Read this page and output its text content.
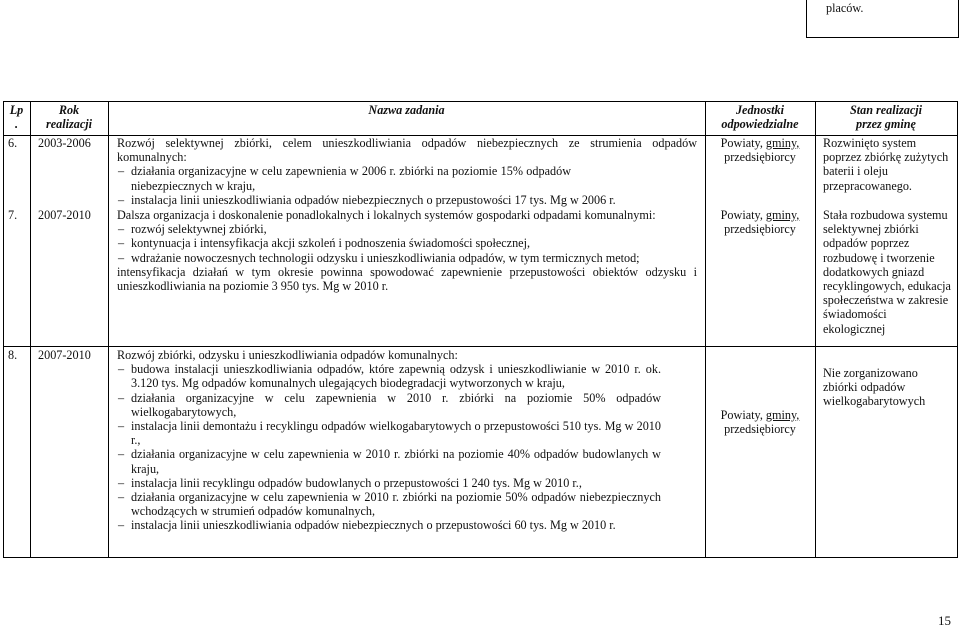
placów.
Lp
.
Rok
realizacji
Nazwa zadania	Jednostki
odpowiedzialne
Stan realizacji
przez gminę
6. 2003-2006 Rozwój selektywnej zbiórki, celem unieszkodliwiania odpadów niebezpiecznych ze strumienia odpadów komunalnych:
– działania organizacyjne w celu zapewnienia w 2006 r. zbiórki na poziomie 15% odpadów niebezpiecznych w kraju,
– instalacja linii unieszkodliwiania odpadów niebezpiecznych o przepustowości 17 tys. Mg w 2006 r.
Powiaty, gminy,
przedsiębiorcy
Rozwinięto system poprzez zbiórkę zużytych baterii i oleju przepracowanego.
7. 2007-2010 Dalsza organizacja i doskonalenie ponadlokalnych i lokalnych systemów gospodarki odpadami komunalnymi:
– rozwój selektywnej zbiórki,
– kontynuacja i intensyfikacja akcji szkoleń i podnoszenia świadomości społecznej,
– wdrażanie nowoczesnych technologii odzysku i unieszkodliwiania odpadów, w tym termicznych metod;
intensyfikacja działań w tym okresie powinna spowodować zapewnienie przepustowości obiektów odzysku i unieszkodliwiania na poziomie 3 950 tys. Mg w 2010 r.
Powiaty, gminy,
przedsiębiorcy
Stała rozbudowa systemu selektywnej zbiórki odpadów poprzez rozbudowę i tworzenie dodatkowych gniazd recyklingowych, edukacja społeczeństwa w zakresie świadomości ekologicznej
8. 2007-2010 Rozwój zbiórki, odzysku i unieszkodliwiania odpadów komunalnych:
– budowa instalacji unieszkodliwiania odpadów, które zapewnią odzysk i unieszkodliwianie w 2010 r. ok. 3.120 tys. Mg odpadów komunalnych ulegających biodegradacji wytworzonych w kraju,
– działania organizacyjne w celu zapewnienia w 2010 r. zbiórki na poziomie 50% odpadów wielkogabarytowych,
– instalacja linii demontażu i recyklingu odpadów wielkogabarytowych o przepustowości 510 tys. Mg w 2010 r.,
– działania organizacyjne w celu zapewnienia w 2010 r. zbiórki na poziomie 40% odpadów budowlanych w kraju,
– instalacja linii recyklingu odpadów budowlanych o przepustowości 1 240 tys. Mg w 2010 r.,
– działania organizacyjne w celu zapewnienia w 2010 r. zbiórki na poziomie 50% odpadów niebezpiecznych wchodzących w strumień odpadów komunalnych,
– instalacja linii unieszkodliwiania odpadów niebezpiecznych o przepustowości 60 tys. Mg w 2010 r.
Powiaty, gminy,
przedsiębiorcy
Nie zorganizowano zbiórki odpadów wielkogabarytowych
15
